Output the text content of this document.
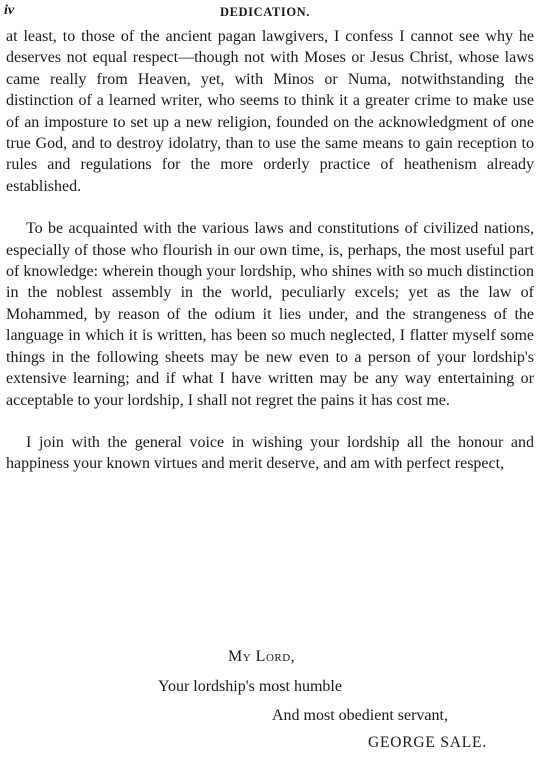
iv	DEDICATION.

at least, to those of the ancient pagan lawgivers, I confess I cannot see why he deserves not equal respect—though not with Moses or Jesus Christ, whose laws came really from Heaven, yet, with Minos or Numa, notwithstanding the distinction of a learned writer, who seems to think it a greater crime to make use of an imposture to set up a new religion, founded on the acknowledgment of one true God, and to destroy idolatry, than to use the same means to gain reception to rules and regulations for the more orderly practice of heathenism already established.

To be acquainted with the various laws and constitutions of civilized nations, especially of those who flourish in our own time, is, perhaps, the most useful part of knowledge: wherein though your lordship, who shines with so much distinction in the noblest assembly in the world, peculiarly excels; yet as the law of Mohammed, by reason of the odium it lies under, and the strangeness of the language in which it is written, has been so much neglected, I flatter myself some things in the following sheets may be new even to a person of your lordship's extensive learning; and if what I have written may be any way entertaining or acceptable to your lordship, I shall not regret the pains it has cost me.

I join with the general voice in wishing your lordship all the honour and happiness your known virtues and merit deserve, and am with perfect respect,

My Lord,
Your lordship's most humble
And most obedient servant,
GEORGE SALE.
